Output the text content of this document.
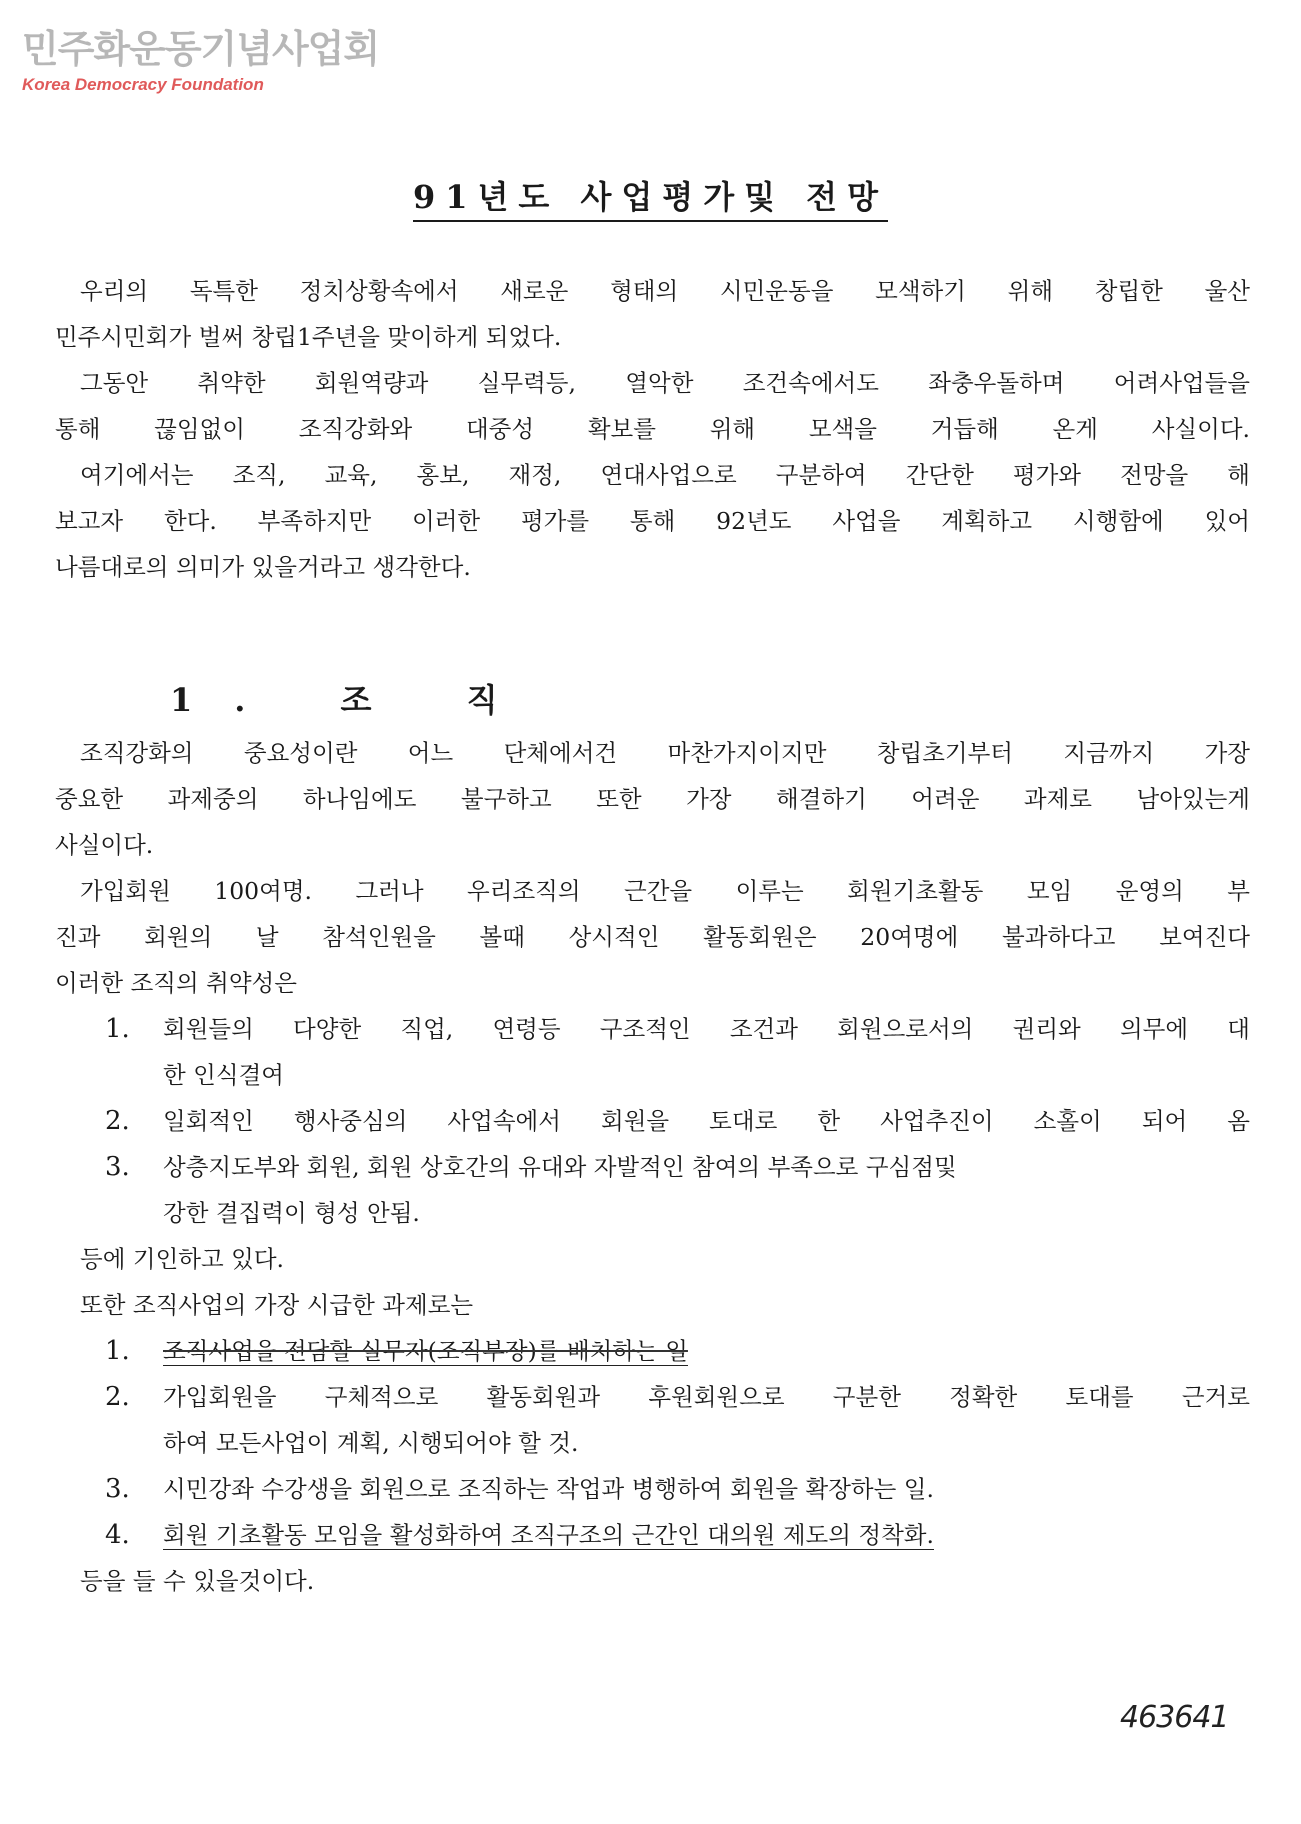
민주화운동기념사업회
Korea Democracy Foundation
91년도 사업평가및 전망
우리의 독특한 정치상황속에서 새로운 형태의 시민운동을 모색하기 위해 창립한 울산
민주시민회가 벌써 창립1주년을 맞이하게 되었다.
그동안 취약한 회원역량과 실무력등, 열악한 조건속에서도 좌충우돌하며 어려사업들을
통해 끊임없이 조직강화와 대중성 확보를 위해 모색을 거듭해 온게 사실이다.
여기에서는 조직, 교육, 홍보, 재정, 연대사업으로 구분하여 간단한 평가와 전망을 해
보고자 한다. 부족하지만 이러한 평가를 통해 92년도 사업을 계획하고 시행함에 있어
나름대로의 의미가 있을거라고 생각한다.
1. 조 직
조직강화의 중요성이란 어느 단체에서건 마찬가지이지만 창립초기부터 지금까지 가장
중요한 과제중의 하나임에도 불구하고 또한 가장 해결하기 어려운 과제로 남아있는게
사실이다.
가입회원 100여명. 그러나 우리조직의 근간을 이루는 회원기초활동 모임 운영의 부
진과 회원의 날 참석인원을 볼때 상시적인 활동회원은 20여명에 불과하다고 보여진다
이러한 조직의 취약성은
1.	회원들의 다양한 직업, 연령등 구조적인 조건과 회원으로서의 권리와 의무에 대
한 인식결여
2.	일회적인 행사중심의 사업속에서 회원을 토대로 한 사업추진이 소홀이 되어 옴
3.	상층지도부와 회원, 회원 상호간의 유대와 자발적인 참여의 부족으로 구심점및
강한 결집력이 형성 안됨.
등에 기인하고 있다.
또한 조직사업의 가장 시급한 과제로는
1.	조직사업을 전담할 실무자(조직부장)를 배치하는 일
2.	가입회원을 구체적으로 활동회원과 후원회원으로 구분한 정확한 토대를 근거로
하여 모든사업이 계획, 시행되어야 할 것.
3.	시민강좌 수강생을 회원으로 조직하는 작업과 병행하여 회원을 확장하는 일.
4.	회원 기초활동 모임을 활성화하여 조직구조의 근간인 대의원 제도의 정착화.
등을 들 수 있을것이다.
463641
